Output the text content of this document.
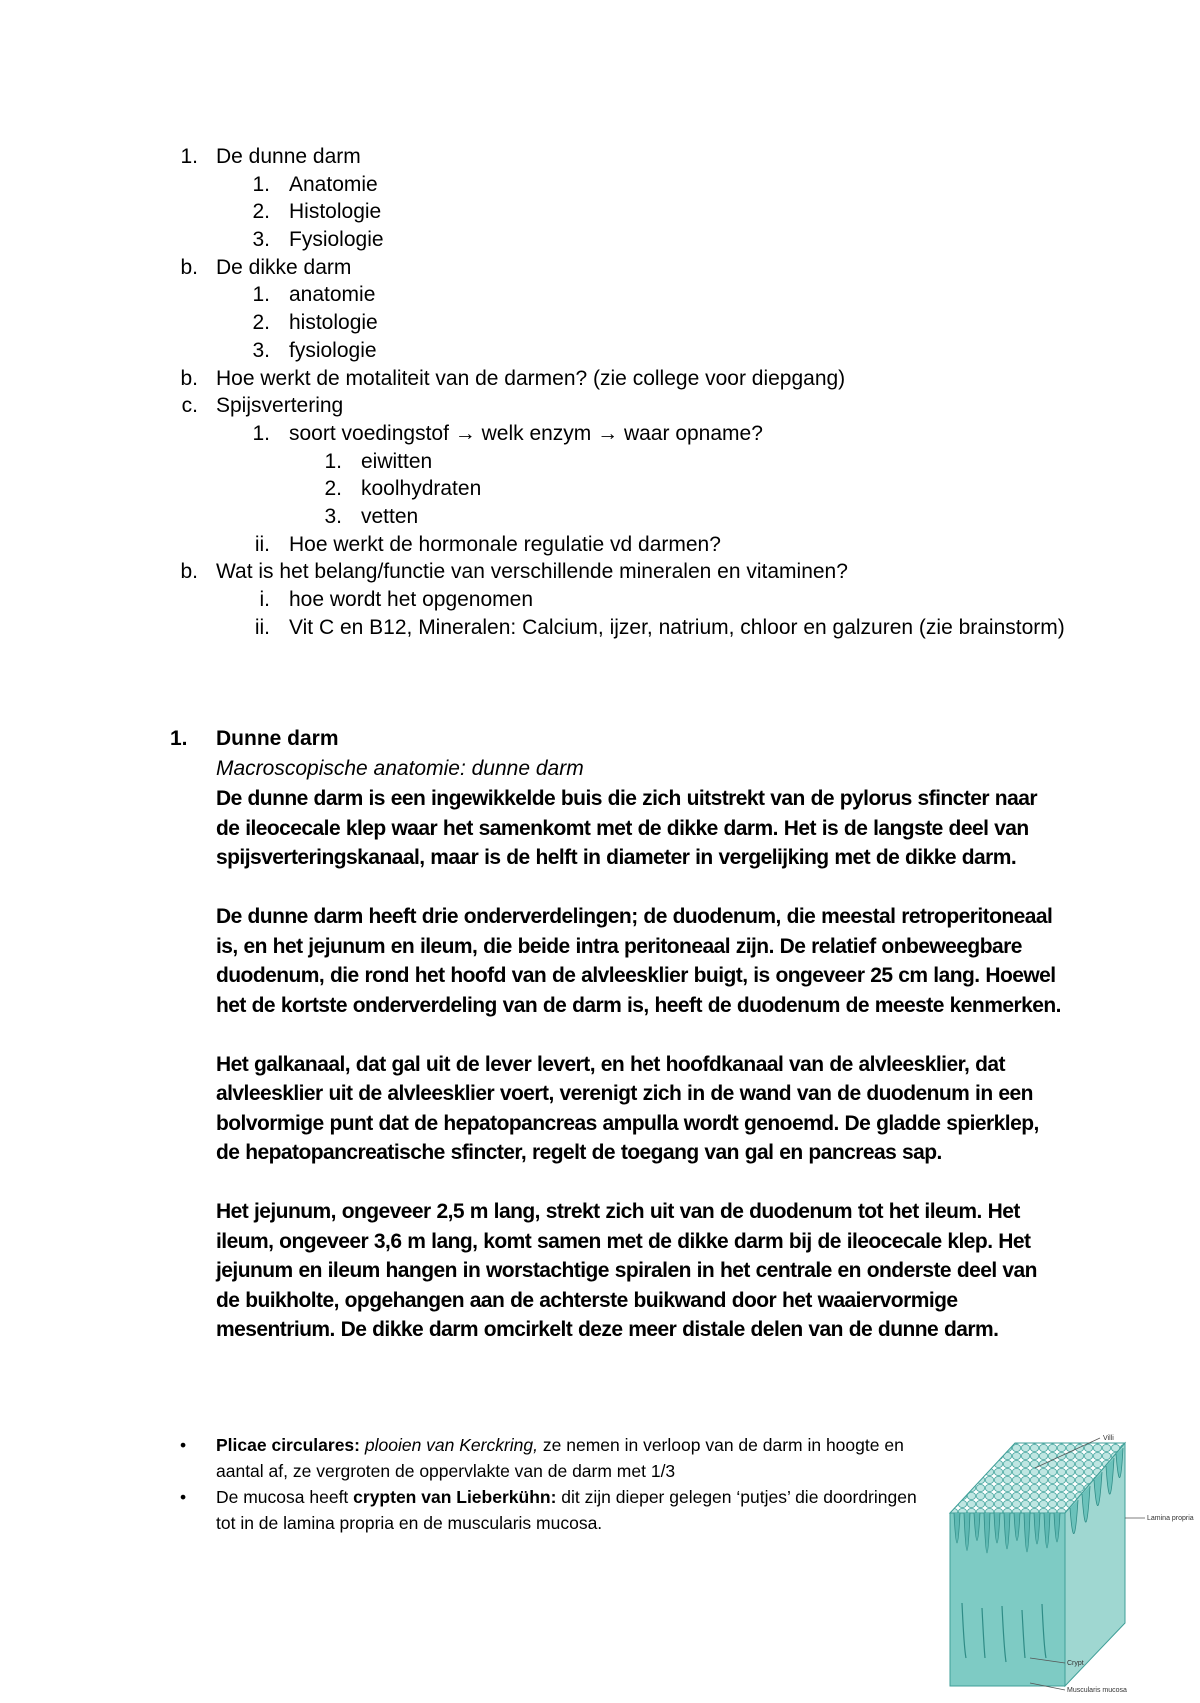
1. De dunne darm
1. Anatomie
2. Histologie
3. Fysiologie
b. De dikke darm
1. anatomie
2. histologie
3. fysiologie
b. Hoe werkt de motaliteit van de darmen? (zie college voor diepgang)
c. Spijsvertering
1. soort voedingstof → welk enzym → waar opname?
1. eiwitten
2. koolhydraten
3. vetten
ii. Hoe werkt de hormonale regulatie vd darmen?
b. Wat is het belang/functie van verschillende mineralen en vitaminen?
i. hoe wordt het opgenomen
ii. Vit C en B12, Mineralen: Calcium, ijzer, natrium, chloor en galzuren (zie brainstorm)
1. Dunne darm
Macroscopische anatomie: dunne darm

De dunne darm is een ingewikkelde buis die zich uitstrekt van de pylorus sfincter naar de ileocecale klep waar het samenkomt met de dikke darm. Het is de langste deel van spijsverteringskanaal, maar is de helft in diameter in vergelijking met de dikke darm.

De dunne darm heeft drie onderverdelingen; de duodenum, die meestal retroperitoneaal is, en het jejunum en ileum, die beide intra peritoneaal zijn. De relatief onbeweegbare duodenum, die rond het hoofd van de alvleesklier buigt, is ongeveer 25 cm lang. Hoewel het de kortste onderverdeling van de darm is, heeft de duodenum de meeste kenmerken.

Het galkanaal, dat gal uit de lever levert, en het hoofdkanaal van de alvleesklier, dat alvleesklier uit de alvleesklier voert, verenigt zich in de wand van de duodenum in een bolvormige punt dat de hepatopancreas ampulla wordt genoemd. De gladde spierklep, de hepatopancreatische sfincter, regelt de toegang van gal en pancreas sap.

Het jejunum, ongeveer 2,5 m lang, strekt zich uit van de duodenum tot het ileum. Het ileum, ongeveer 3,6 m lang, komt samen met de dikke darm bij de ileocecale klep. Het jejunum en ileum hangen in worstachtige spiralen in het centrale en onderste deel van de buikholte, opgehangen aan de achterste buikwand door het waaiervormige mesentrium. De dikke darm omcirkelt deze meer distale delen van de dunne darm.

• Plicae circulares: plooien van Kerckring, ze nemen in verloop van de darm in hoogte en aantal af, ze vergroten de oppervlakte van de darm met 1/3
• De mucosa heeft crypten van Lieberkühn: dit zijn dieper gelegen ‘putjes’ die doordringen tot in de lamina propria en de muscularis mucosa.
Villi
Lamina propria
Crypt
Muscularis mucosa
